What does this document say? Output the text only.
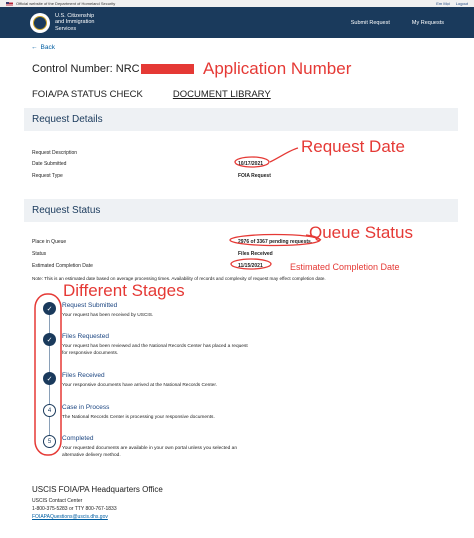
Official website of the Department of Homeland Security	Em Mọi Logout
U.S. Citizenship
and Immigration
Services
Submit Request	My Requests
← Back
Control Number: NRC
FOIA/PA STATUS CHECK	DOCUMENT LIBRARY
Request Details
Request Description
Date Submitted	10/17/2021
Request Type	FOIA Request
Request Status
Place in Queue	2976 of 3367 pending requests.
Status	Files Received
Estimated Completion Date	11/15/2021
Note: This is an estimated date based on average processing times. Availability of records and complexity of request may effect completion date.
✓	Request Submitted
Your request has been received by USCIS.
✓	Files Requested
Your request has been reviewed and the National Records Center has placed a request for responsive documents.
✓	Files Received
Your responsive documents have arrived at the National Records Center.
4	Case in Process
The National Records Center is processing your responsive documents.
5	Completed
Your requested documents are available in your own portal unless you selected an alternative delivery method.
USCIS FOIA/PA Headquarters Office
USCIS Contact Center
1-800-375-5283 or TTY 800-767-1833
FOIAPAQuestions@uscis.dhs.gov
Application Number
Request Date
Queue Status
Estimated Completion Date
Different Stages
